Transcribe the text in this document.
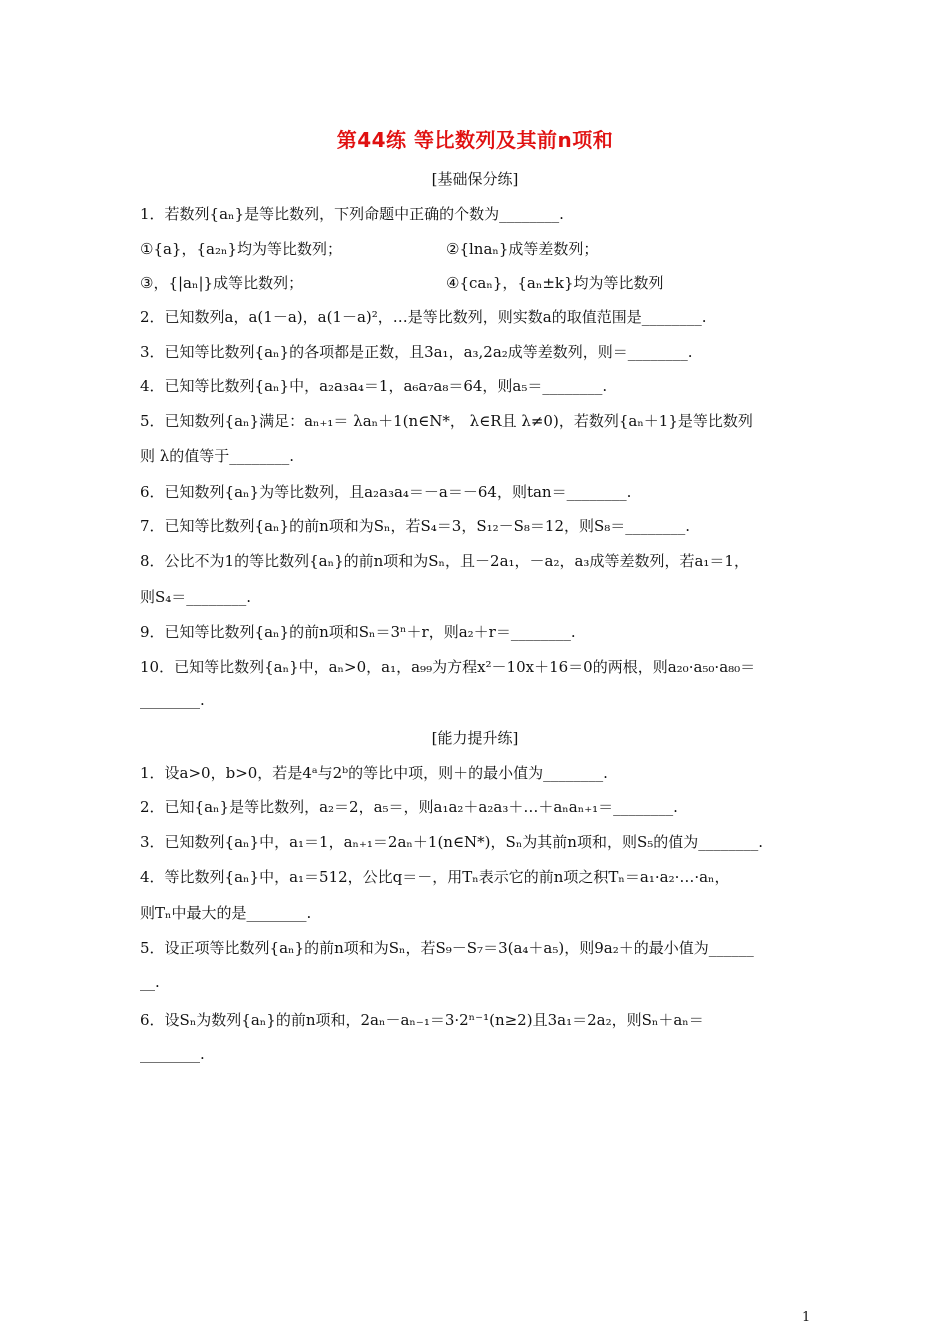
第44练 等比数列及其前n项和
[基础保分练]
1．若数列{aₙ}是等比数列，下列命题中正确的个数为________.
①{a}，{a₂ₙ}均为等比数列；	②{lnaₙ}成等差数列；
③，{|aₙ|}成等比数列；	④{caₙ}，{aₙ±k}均为等比数列
2．已知数列a，a(1－a)，a(1－a)²，…是等比数列，则实数a的取值范围是________.
3．已知等比数列{aₙ}的各项都是正数，且3a₁，a₃,2a₂成等差数列，则＝________.
4．已知等比数列{aₙ}中，a₂a₃a₄＝1，a₆a₇a₈＝64，则a₅＝________.
5．已知数列{aₙ}满足：aₙ₊₁＝ λaₙ＋1(n∈N*， λ∈R且 λ≠0)，若数列{aₙ＋1}是等比数列
则 λ的值等于________.
6．已知数列{aₙ}为等比数列，且a₂a₃a₄＝－a＝－64，则tan＝________.
7．已知等比数列{aₙ}的前n项和为Sₙ，若S₄＝3，S₁₂－S₈＝12，则S₈＝________.
8．公比不为1的等比数列{aₙ}的前n项和为Sₙ，且－2a₁，－a₂，a₃成等差数列，若a₁＝1，
则S₄＝________.
9．已知等比数列{aₙ}的前n项和Sₙ＝3ⁿ＋r，则a₂＋r＝________.
10．已知等比数列{aₙ}中，aₙ>0，a₁，a₉₉为方程x²－10x＋16＝0的两根，则a₂₀·a₅₀·a₈₀＝
________.
[能力提升练]
1．设a>0，b>0，若是4ᵃ与2ᵇ的等比中项，则＋的最小值为________.
2．已知{aₙ}是等比数列，a₂＝2，a₅＝，则a₁a₂＋a₂a₃＋…＋aₙaₙ₊₁＝________.
3．已知数列{aₙ}中，a₁＝1，aₙ₊₁＝2aₙ＋1(n∈N*)，Sₙ为其前n项和，则S₅的值为________.
4．等比数列{aₙ}中，a₁＝512，公比q＝－，用Tₙ表示它的前n项之积Tₙ＝a₁·a₂·…·aₙ，
则Tₙ中最大的是________.
5．设正项等比数列{aₙ}的前n项和为Sₙ，若S₉－S₇＝3(a₄＋a₅)，则9a₂＋的最小值为______
__.
6．设Sₙ为数列{aₙ}的前n项和，2aₙ－aₙ₋₁＝3·2ⁿ⁻¹(n≥2)且3a₁＝2a₂，则Sₙ＋aₙ＝
________.
1
